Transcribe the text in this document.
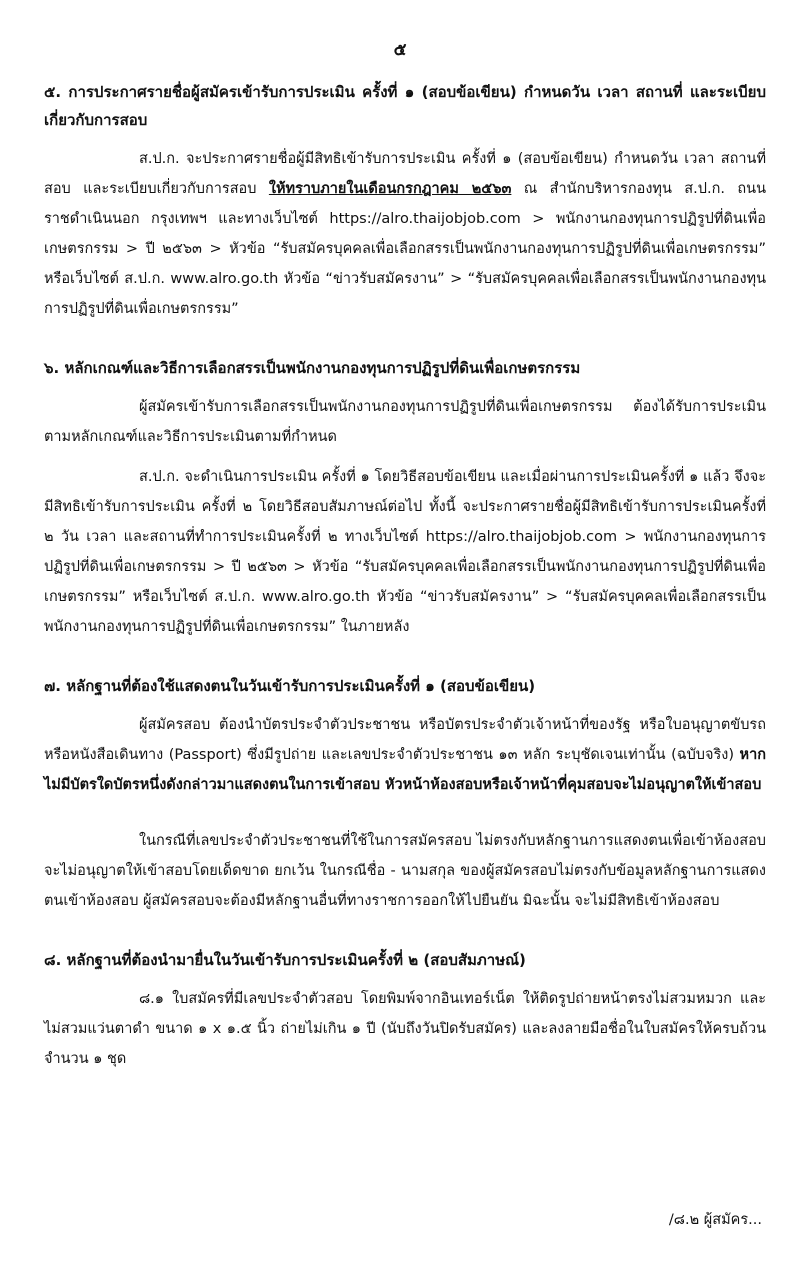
๕

๕. การประกาศรายชื่อผู้สมัครเข้ารับการประเมิน ครั้งที่ ๑ (สอบข้อเขียน) กำหนดวัน เวลา สถานที่ และระเบียบเกี่ยวกับการสอบ

ส.ป.ก. จะประกาศรายชื่อผู้มีสิทธิเข้ารับการประเมิน ครั้งที่ ๑ (สอบข้อเขียน) กำหนดวัน เวลา สถานที่สอบ และระเบียบเกี่ยวกับการสอบ ให้ทราบภายในเดือนกรกฎาคม ๒๕๖๓ ณ สำนักบริหารกองทุน ส.ป.ก. ถนนราชดำเนินนอก กรุงเทพฯ และทางเว็บไซต์ https://alro.thaijobjob.com > พนักงานกองทุนการปฏิรูปที่ดินเพื่อเกษตรกรรม > ปี ๒๕๖๓ > หัวข้อ “รับสมัครบุคคลเพื่อเลือกสรรเป็นพนักงานกองทุนการปฏิรูปที่ดินเพื่อเกษตรกรรม” หรือเว็บไซต์ ส.ป.ก. www.alro.go.th หัวข้อ “ข่าวรับสมัครงาน” > “รับสมัครบุคคลเพื่อเลือกสรรเป็นพนักงานกองทุนการปฏิรูปที่ดินเพื่อเกษตรกรรม”

๖. หลักเกณฑ์และวิธีการเลือกสรรเป็นพนักงานกองทุนการปฏิรูปที่ดินเพื่อเกษตรกรรม

ผู้สมัครเข้ารับการเลือกสรรเป็นพนักงานกองทุนการปฏิรูปที่ดินเพื่อเกษตรกรรม ต้องได้รับการประเมินตามหลักเกณฑ์และวิธีการประเมินตามที่กำหนด

ส.ป.ก. จะดำเนินการประเมิน ครั้งที่ ๑ โดยวิธีสอบข้อเขียน และเมื่อผ่านการประเมินครั้งที่ ๑ แล้ว จึงจะมีสิทธิเข้ารับการประเมิน ครั้งที่ ๒ โดยวิธีสอบสัมภาษณ์ต่อไป ทั้งนี้ จะประกาศรายชื่อผู้มีสิทธิเข้ารับการประเมินครั้งที่ ๒ วัน เวลา และสถานที่ทำการประเมินครั้งที่ ๒ ทางเว็บไซต์ https://alro.thaijobjob.com > พนักงานกองทุนการปฏิรูปที่ดินเพื่อเกษตรกรรม > ปี ๒๕๖๓ > หัวข้อ “รับสมัครบุคคลเพื่อเลือกสรรเป็นพนักงานกองทุนการปฏิรูปที่ดินเพื่อเกษตรกรรม” หรือเว็บไซต์ ส.ป.ก. www.alro.go.th หัวข้อ “ข่าวรับสมัครงาน” > “รับสมัครบุคคลเพื่อเลือกสรรเป็นพนักงานกองทุนการปฏิรูปที่ดินเพื่อเกษตรกรรม” ในภายหลัง

๗. หลักฐานที่ต้องใช้แสดงตนในวันเข้ารับการประเมินครั้งที่ ๑ (สอบข้อเขียน)

ผู้สมัครสอบ ต้องนำบัตรประจำตัวประชาชน หรือบัตรประจำตัวเจ้าหน้าที่ของรัฐ หรือใบอนุญาตขับรถ หรือหนังสือเดินทาง (Passport) ซึ่งมีรูปถ่าย และเลขประจำตัวประชาชน ๑๓ หลัก ระบุชัดเจนเท่านั้น (ฉบับจริง) หากไม่มีบัตรใดบัตรหนึ่งดังกล่าวมาแสดงตนในการเข้าสอบ หัวหน้าห้องสอบหรือเจ้าหน้าที่คุมสอบจะไม่อนุญาตให้เข้าสอบ

ในกรณีที่เลขประจำตัวประชาชนที่ใช้ในการสมัครสอบ ไม่ตรงกับหลักฐานการแสดงตนเพื่อเข้าห้องสอบ จะไม่อนุญาตให้เข้าสอบโดยเด็ดขาด ยกเว้น ในกรณีชื่อ - นามสกุล ของผู้สมัครสอบไม่ตรงกับข้อมูลหลักฐานการแสดงตนเข้าห้องสอบ ผู้สมัครสอบจะต้องมีหลักฐานอื่นที่ทางราชการออกให้ไปยืนยัน มิฉะนั้น จะไม่มีสิทธิเข้าห้องสอบ

๘. หลักฐานที่ต้องนำมายื่นในวันเข้ารับการประเมินครั้งที่ ๒ (สอบสัมภาษณ์)

๘.๑ ใบสมัครที่มีเลขประจำตัวสอบ โดยพิมพ์จากอินเทอร์เน็ต ให้ติดรูปถ่ายหน้าตรงไม่สวมหมวก และไม่สวมแว่นตาดำ ขนาด ๑ x ๑.๕ นิ้ว ถ่ายไม่เกิน ๑ ปี (นับถึงวันปิดรับสมัคร) และลงลายมือชื่อในใบสมัครให้ครบถ้วน จำนวน ๑ ชุด

/๘.๒ ผู้สมัคร...
